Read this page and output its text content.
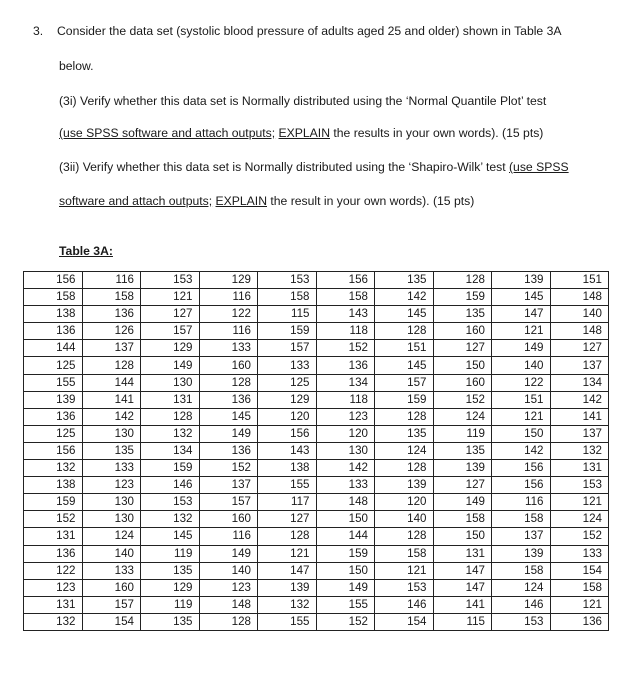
3. Consider the data set (systolic blood pressure of adults aged 25 and older) shown in Table 3A
below.
(3i) Verify whether this data set is Normally distributed using the ‘Normal Quantile Plot’ test
(use SPSS software and attach outputs; EXPLAIN the results in your own words). (15 pts)
(3ii) Verify whether this data set is Normally distributed using the ‘Shapiro-Wilk’ test (use SPSS
software and attach outputs; EXPLAIN the result in your own words). (15 pts)
Table 3A:
156	116	153	129	153	156	135	128	139	151
158	158	121	116	158	158	142	159	145	148
138	136	127	122	115	143	145	135	147	140
136	126	157	116	159	118	128	160	121	148
144	137	129	133	157	152	151	127	149	127
125	128	149	160	133	136	145	150	140	137
155	144	130	128	125	134	157	160	122	134
139	141	131	136	129	118	159	152	151	142
136	142	128	145	120	123	128	124	121	141
125	130	132	149	156	120	135	119	150	137
156	135	134	136	143	130	124	135	142	132
132	133	159	152	138	142	128	139	156	131
138	123	146	137	155	133	139	127	156	153
159	130	153	157	117	148	120	149	116	121
152	130	132	160	127	150	140	158	158	124
131	124	145	116	128	144	128	150	137	152
136	140	119	149	121	159	158	131	139	133
122	133	135	140	147	150	121	147	158	154
123	160	129	123	139	149	153	147	124	158
131	157	119	148	132	155	146	141	146	121
132	154	135	128	155	152	154	115	153	136
